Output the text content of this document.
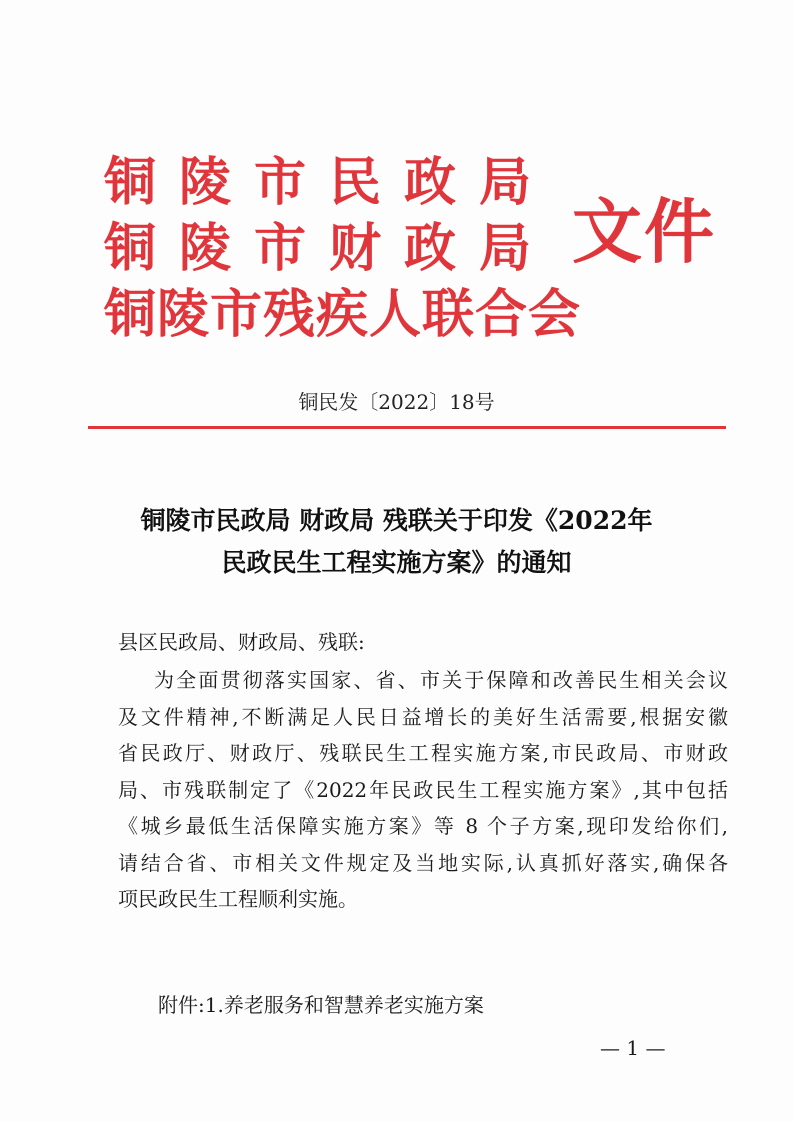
铜陵市民政局
铜陵市财政局
铜陵市残疾人联合会
文件
铜民发〔2022〕18号
铜陵市民政局 财政局 残联关于印发《2022年
民政民生工程实施方案》的通知
县区民政局、财政局、残联:
为全面贯彻落实国家、省、市关于保障和改善民生相关会议
及文件精神,不断满足人民日益增长的美好生活需要,根据安徽
省民政厅、财政厅、残联民生工程实施方案,市民政局、市财政
局、市残联制定了《2022年民政民生工程实施方案》,其中包括
《城乡最低生活保障实施方案》等 8 个子方案,现印发给你们,
请结合省、市相关文件规定及当地实际,认真抓好落实,确保各
项民政民生工程顺利实施。
附件:1.养老服务和智慧养老实施方案
— 1 —
